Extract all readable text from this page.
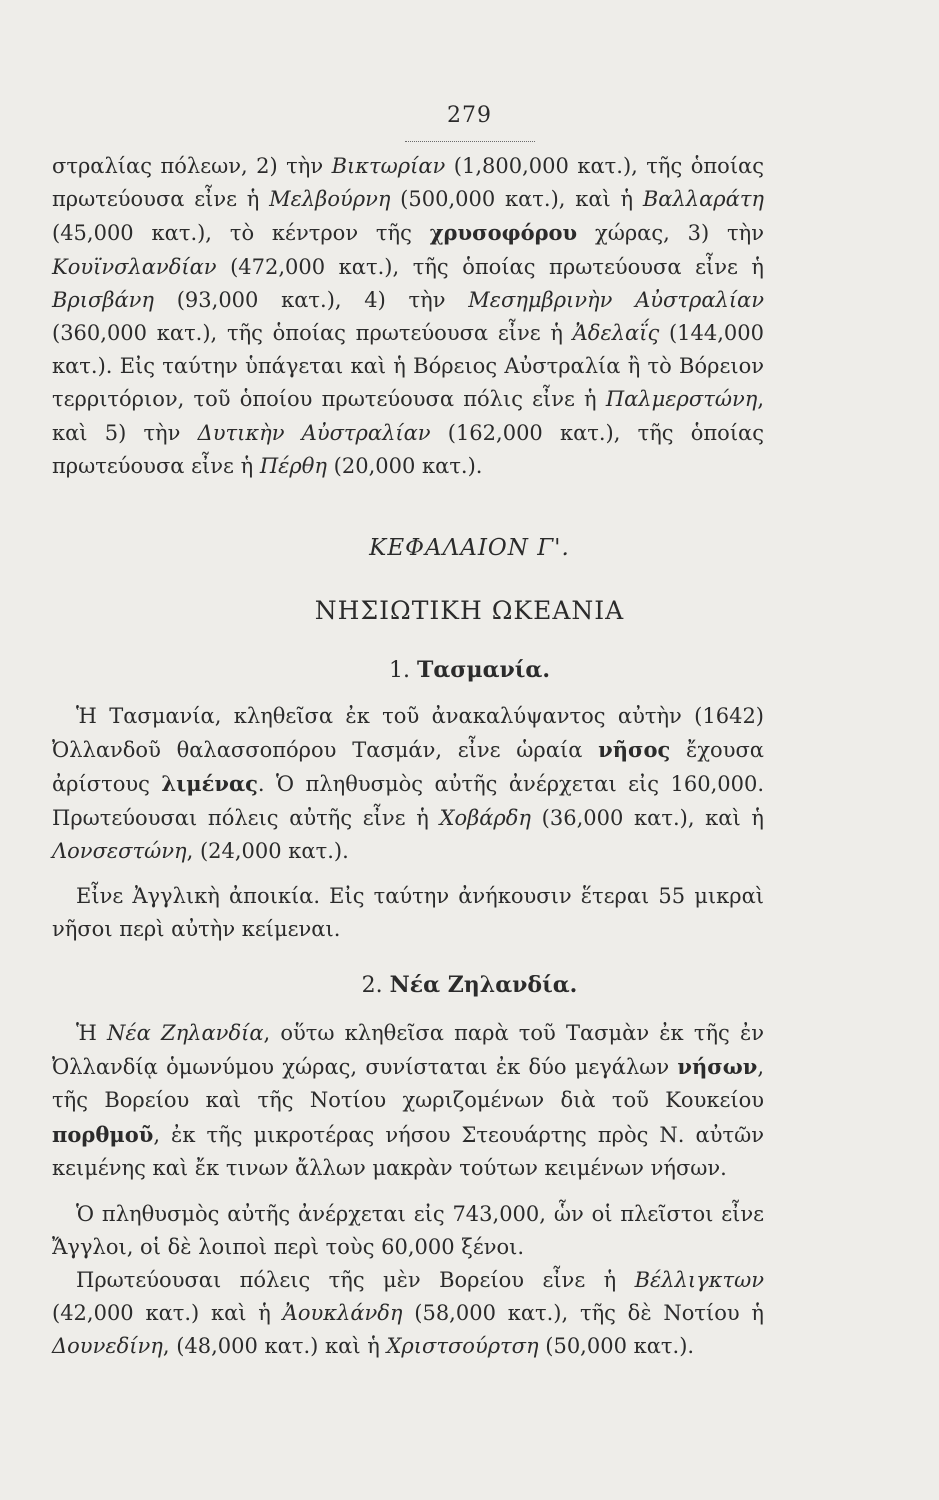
279

στραλίας πόλεων, 2) τὴν Βικτωρίαν (1,800,000 κατ.), τῆς ὁποίας πρωτεύουσα εἶνε ἡ Μελβούρνη (500,000 κατ.), καὶ ἡ Βαλλαράτη (45,000 κατ.), τὸ κέντρον τῆς χρυσοφόρου χώρας, 3) τὴν Κουϊνσλανδίαν (472,000 κατ.), τῆς ὁποίας πρωτεύουσα εἶνε ἡ Βρισβάνη (93,000 κατ.), 4) τὴν Μεσημβρινὴν Αὐστραλίαν (360,000 κατ.), τῆς ὁποίας πρωτεύουσα εἶνε ἡ Ἀδελαΐς (144,000 κατ.). Εἰς ταύτην ὑπάγεται καὶ ἡ Βόρειος Αὐστραλία ἢ τὸ Βόρειον τερριτόριον, τοῦ ὁποίου πρωτεύουσα πόλις εἶνε ἡ Παλμερστώνη, καὶ 5) τὴν Δυτικὴν Αὐστραλίαν (162,000 κατ.), τῆς ὁποίας πρωτεύουσα εἶνε ἡ Πέρθη (20,000 κατ.).

ΚΕΦΑΛΑΙΟΝ Γ'.
ΝΗΣΙΩΤΙΚΗ ΩΚΕΑΝΙΑ
1. Τασμανία.

Ἡ Τασμανία, κληθεῖσα ἐκ τοῦ ἀνακαλύψαντος αὐτὴν (1642) Ὀλλανδοῦ θαλασσοπόρου Τασμάν, εἶνε ὡραία νῆσος ἔχουσα ἀρίστους λιμένας. Ὁ πληθυσμὸς αὐτῆς ἀνέρχεται εἰς 160,000. Πρωτεύουσαι πόλεις αὐτῆς εἶνε ἡ Χοβάρδη (36,000 κατ.), καὶ ἡ Λονσεστώνη, (24,000 κατ.).

Εἶνε Ἀγγλικὴ ἀποικία. Εἰς ταύτην ἀνήκουσιν ἕτεραι 55 μικραὶ νῆσοι περὶ αὐτὴν κείμεναι.

2. Νέα Ζηλανδία.

Ἡ Νέα Ζηλανδία, οὕτω κληθεῖσα παρὰ τοῦ Τασμὰν ἐκ τῆς ἐν Ὀλλανδίᾳ ὁμωνύμου χώρας, συνίσταται ἐκ δύο μεγάλων νήσων, τῆς Βορείου καὶ τῆς Νοτίου χωριζομένων διὰ τοῦ Κουκείου πορθμοῦ, ἐκ τῆς μικροτέρας νήσου Στεουάρτης πρὸς Ν. αὐτῶν κειμένης καὶ ἔκ τινων ἄλλων μακρὰν τούτων κειμένων νήσων.

Ὁ πληθυσμὸς αὐτῆς ἀνέρχεται εἰς 743,000, ὧν οἱ πλεῖστοι εἶνε Ἄγγλοι, οἱ δὲ λοιποὶ περὶ τοὺς 60,000 ξένοι.

Πρωτεύουσαι πόλεις τῆς μὲν Βορείου εἶνε ἡ Βέλλιγκτων (42,000 κατ.) καὶ ἡ Ἀουκλάνδη (58,000 κατ.), τῆς δὲ Νοτίου ἡ Δουνεδίνη, (48,000 κατ.) καὶ ἡ Χριστσούρτση (50,000 κατ.).
